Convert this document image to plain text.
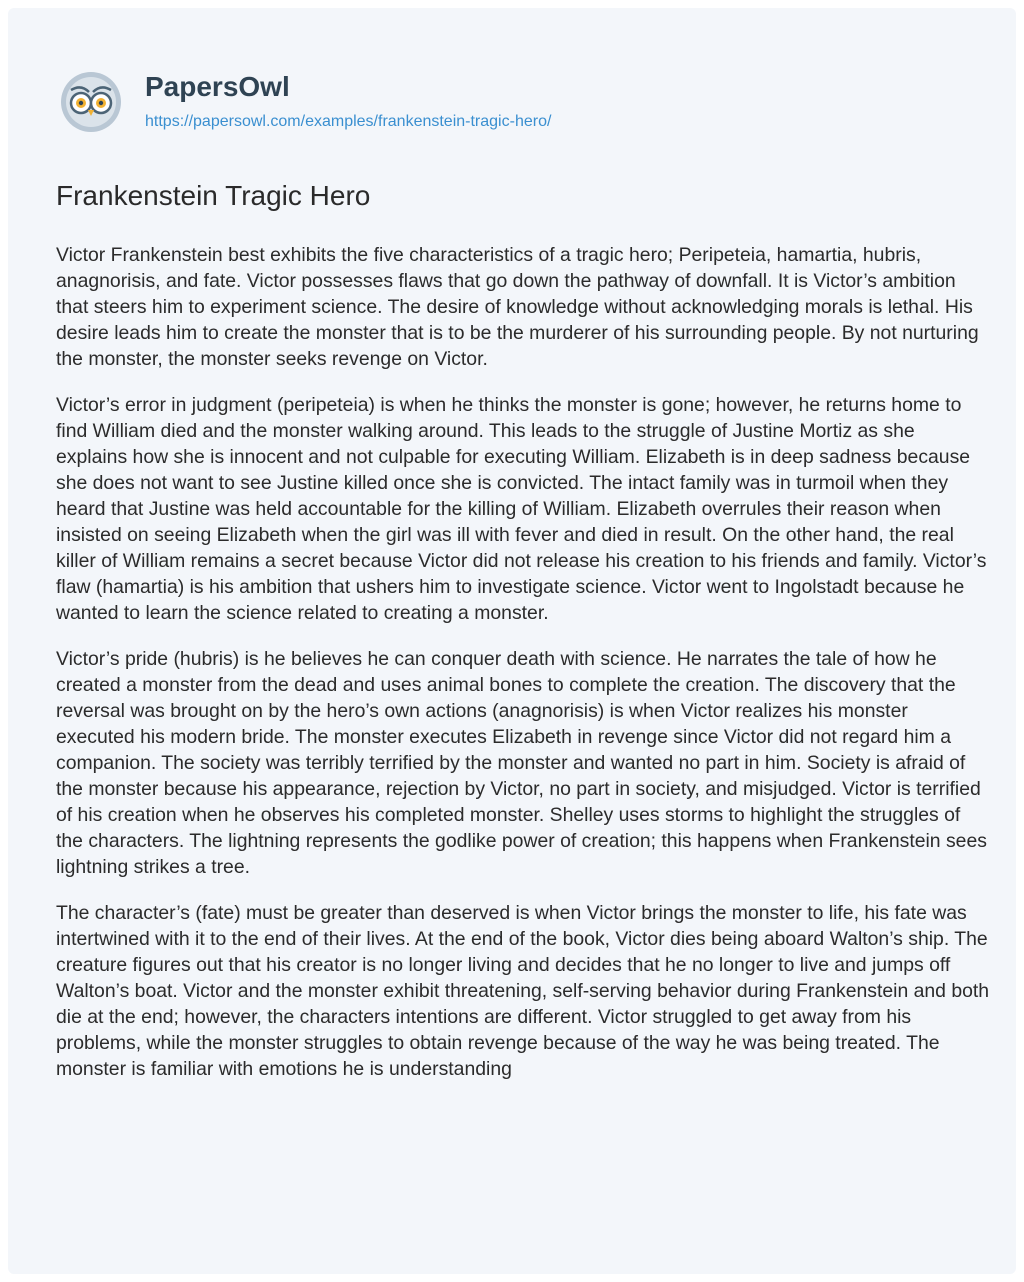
PapersOwl
https://papersowl.com/examples/frankenstein-tragic-hero/
Frankenstein Tragic Hero

Victor Frankenstein best exhibits the five characteristics of a tragic hero; Peripeteia, hamartia, hubris, anagnorisis, and fate. Victor possesses flaws that go down the pathway of downfall. It is Victor’s ambition that steers him to experiment science. The desire of knowledge without acknowledging morals is lethal. His desire leads him to create the monster that is to be the murderer of his surrounding people. By not nurturing the monster, the monster seeks revenge on Victor.

Victor’s error in judgment (peripeteia) is when he thinks the monster is gone; however, he returns home to find William died and the monster walking around. This leads to the struggle of Justine Mortiz as she explains how she is innocent and not culpable for executing William. Elizabeth is in deep sadness because she does not want to see Justine killed once she is convicted. The intact family was in turmoil when they heard that Justine was held accountable for the killing of William. Elizabeth overrules their reason when insisted on seeing Elizabeth when the girl was ill with fever and died in result. On the other hand, the real killer of William remains a secret because Victor did not release his creation to his friends and family. Victor’s flaw (hamartia) is his ambition that ushers him to investigate science. Victor went to Ingolstadt because he wanted to learn the science related to creating a monster.

Victor’s pride (hubris) is he believes he can conquer death with science. He narrates the tale of how he created a monster from the dead and uses animal bones to complete the creation. The discovery that the reversal was brought on by the hero’s own actions (anagnorisis) is when Victor realizes his monster executed his modern bride. The monster executes Elizabeth in revenge since Victor did not regard him a companion. The society was terribly terrified by the monster and wanted no part in him. Society is afraid of the monster because his appearance, rejection by Victor, no part in society, and misjudged. Victor is terrified of his creation when he observes his completed monster. Shelley uses storms to highlight the struggles of the characters. The lightning represents the godlike power of creation; this happens when Frankenstein sees lightning strikes a tree.

The character’s (fate) must be greater than deserved is when Victor brings the monster to life, his fate was intertwined with it to the end of their lives. At the end of the book, Victor dies being aboard Walton’s ship. The creature figures out that his creator is no longer living and decides that he no longer to live and jumps off Walton’s boat. Victor and the monster exhibit threatening, self-serving behavior during Frankenstein and both die at the end; however, the characters intentions are different. Victor struggled to get away from his problems, while the monster struggles to obtain revenge because of the way he was being treated. The monster is familiar with emotions he is understanding
